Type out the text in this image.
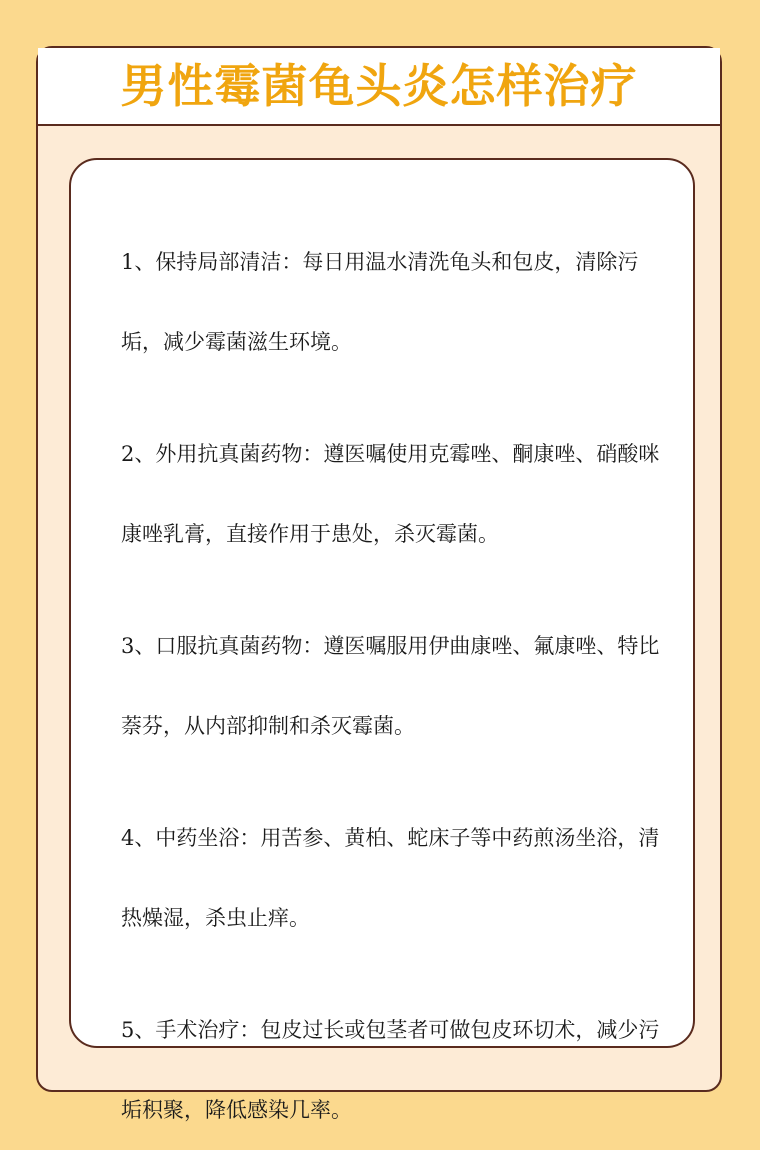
男性霉菌龟头炎怎样治疗

1、保持局部清洁：每日用温水清洗龟头和包皮，清除污垢，减少霉菌滋生环境。

2、外用抗真菌药物：遵医嘱使用克霉唑、酮康唑、硝酸咪康唑乳膏，直接作用于患处，杀灭霉菌。

3、口服抗真菌药物：遵医嘱服用伊曲康唑、氟康唑、特比萘芬，从内部抑制和杀灭霉菌。

4、中药坐浴：用苦参、黄柏、蛇床子等中药煎汤坐浴，清热燥湿，杀虫止痒。

5、手术治疗：包皮过长或包茎者可做包皮环切术，减少污垢积聚，降低感染几率。
